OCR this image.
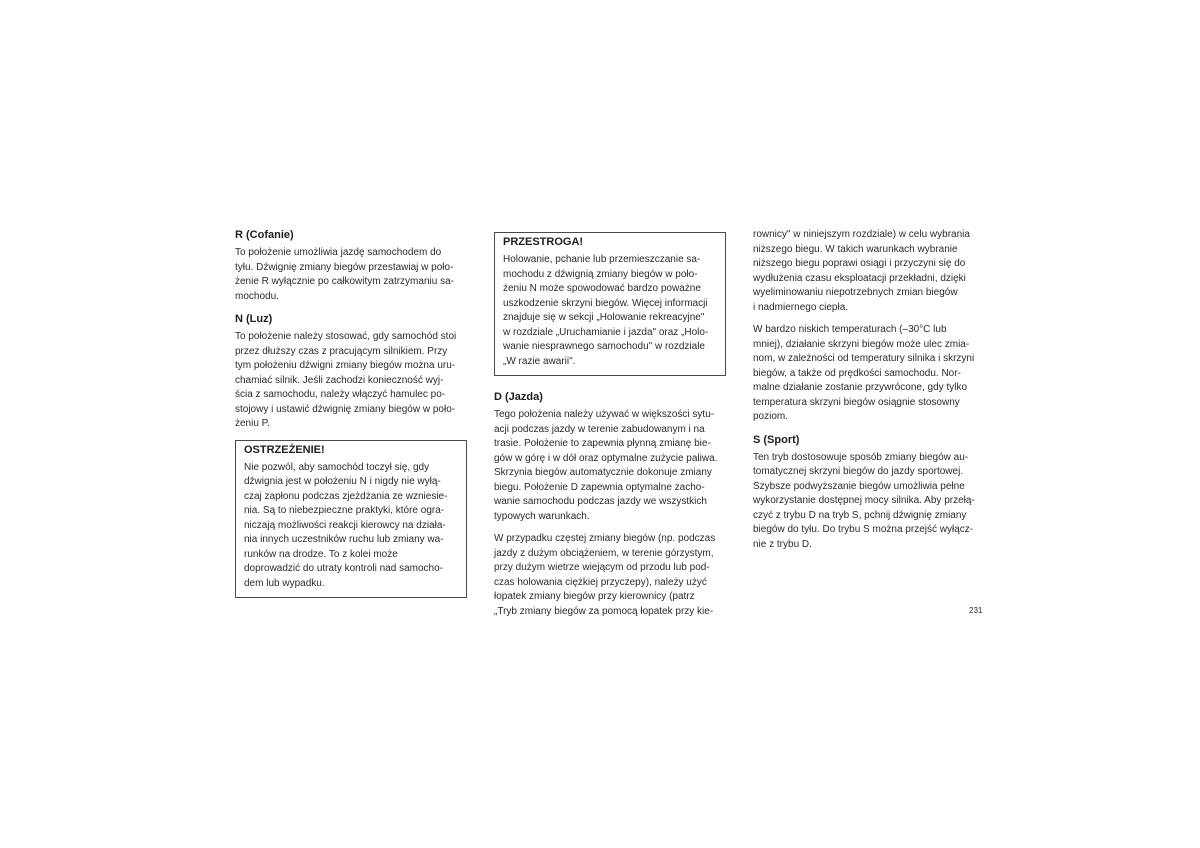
R (Cofanie)

To położenie umożliwia jazdę samochodem do
tyłu. Dźwignię zmiany biegów przestawiaj w poło-
żenie R wyłącznie po całkowitym zatrzymaniu sa-
mochodu.

N (Luz)

To położenie należy stosować, gdy samochód stoi
przez dłuższy czas z pracującym silnikiem. Przy
tym położeniu dźwigni zmiany biegów można uru-
chamiać silnik. Jeśli zachodzi konieczność wyj-
ścia z samochodu, należy włączyć hamulec po-
stojowy i ustawić dźwignię zmiany biegów w poło-
żeniu P.

OSTRZEŻENIE!

Nie pozwól, aby samochód toczył się, gdy
dźwignia jest w położeniu N i nigdy nie wyłą-
czaj zapłonu podczas zjeżdżania ze wzniesie-
nia. Są to niebezpieczne praktyki, które ogra-
niczają możliwości reakcji kierowcy na działa-
nia innych uczestników ruchu lub zmiany wa-
runków na drodze. To z kolei może
doprowadzić do utraty kontroli nad samocho-
dem lub wypadku.

PRZESTROGA!

Holowanie, pchanie lub przemieszczanie sa-
mochodu z dźwignią zmiany biegów w poło-
żeniu N może spowodować bardzo poważne
uszkodzenie skrzyni biegów. Więcej informacji
znajduje się w sekcji „Holowanie rekreacyjne"
w rozdziale „Uruchamianie i jazda" oraz „Holo-
wanie niesprawnego samochodu" w rozdziale
„W razie awarii".

D (Jazda)

Tego położenia należy używać w większości sytu-
acji podczas jazdy w terenie zabudowanym i na
trasie. Położenie to zapewnia płynną zmianę bie-
gów w górę i w dół oraz optymalne zużycie paliwa.
Skrzynia biegów automatycznie dokonuje zmiany
biegu. Położenie D zapewnia optymalne zacho-
wanie samochodu podczas jazdy we wszystkich
typowych warunkach.

W przypadku częstej zmiany biegów (np. podczas
jazdy z dużym obciążeniem, w terenie górzystym,
przy dużym wietrze wiejącym od przodu lub pod-
czas holowania ciężkiej przyczepy), należy użyć
łopatek zmiany biegów przy kierownicy (patrz
„Tryb zmiany biegów za pomocą łopatek przy kie-

rownicy" w niniejszym rozdziale) w celu wybrania
niższego biegu. W takich warunkach wybranie
niższego biegu poprawi osiągi i przyczyni się do
wydłużenia czasu eksploatacji przekładni, dzięki
wyeliminowaniu niepotrzebnych zmian biegów
i nadmiernego ciepła.

W bardzo niskich temperaturach (–30°C lub
mniej), działanie skrzyni biegów może ulec zmia-
nom, w zależności od temperatury silnika i skrzyni
biegów, a także od prędkości samochodu. Nor-
malne działanie zostanie przywrócone, gdy tylko
temperatura skrzyni biegów osiągnie stosowny
poziom.

S (Sport)

Ten tryb dostosowuje sposób zmiany biegów au-
tomatycznej skrzyni biegów do jazdy sportowej.
Szybsze podwyższanie biegów umożliwia pełne
wykorzystanie dostępnej mocy silnika. Aby przełą-
czyć z trybu D na tryb S, pchnij dźwignię zmiany
biegów do tyłu. Do trybu S można przejść wyłącz-
nie z trybu D.

231
